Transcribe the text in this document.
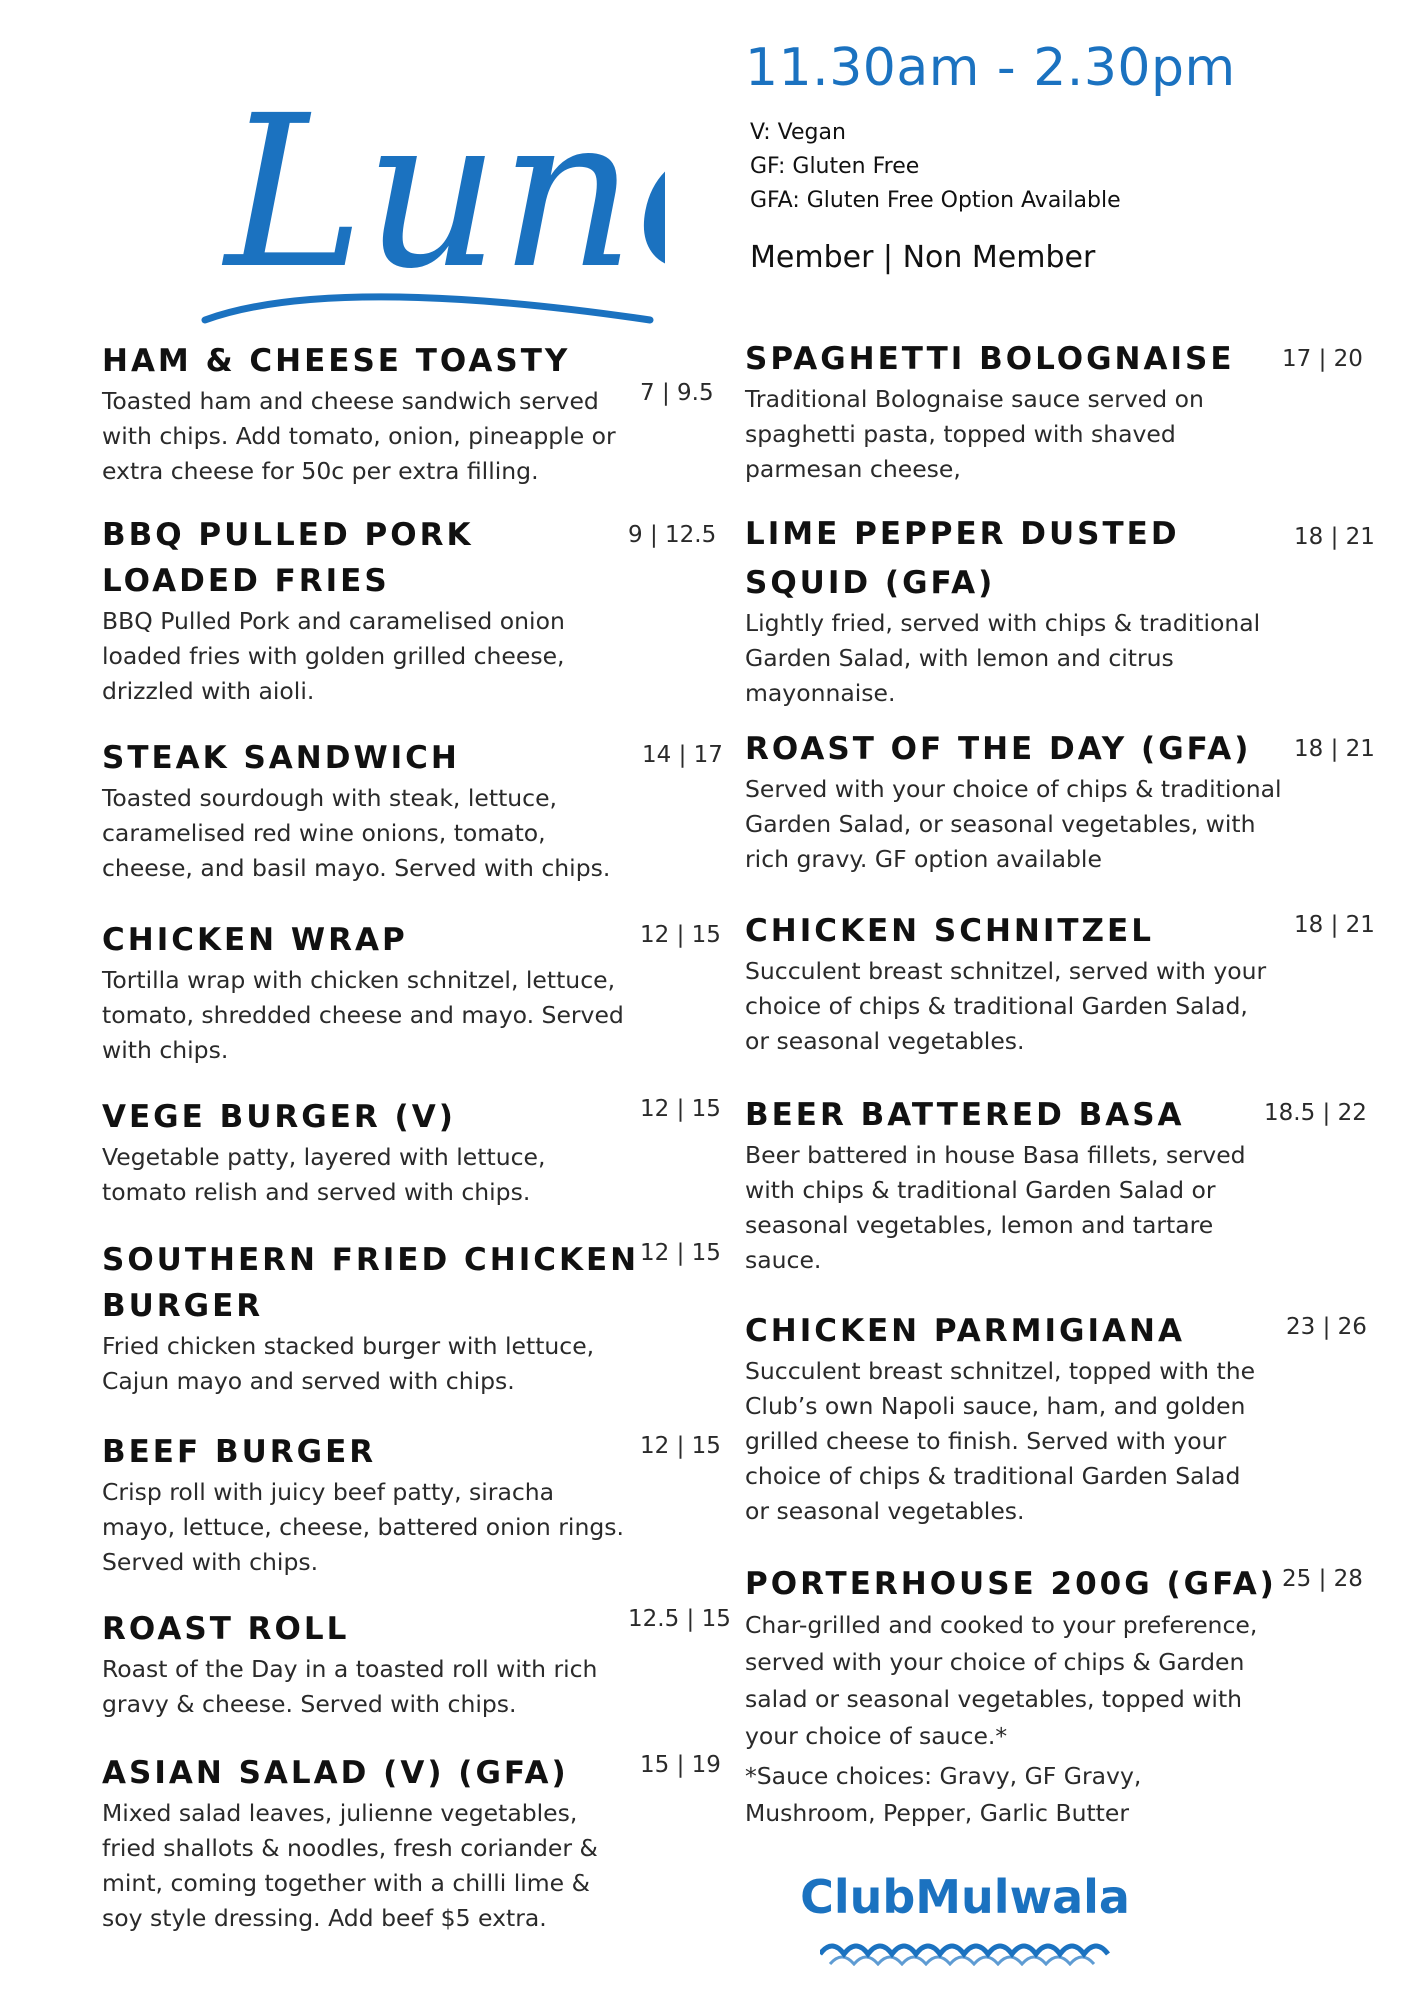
Lun
11.30am - 2.30pm
V: Vegan
GF: Gluten Free
GFA: Gluten Free Option Available
Member | Non Member
HAM & CHEESE TOASTY
Toasted ham and cheese sandwich served
with chips. Add tomato, onion, pineapple or
extra cheese for 50c per extra filling.
7 | 9.5
BBQ PULLED PORK
LOADED FRIES
BBQ Pulled Pork and caramelised onion
loaded fries with golden grilled cheese,
drizzled with aioli.
9 | 12.5
STEAK SANDWICH
Toasted sourdough with steak, lettuce,
caramelised red wine onions, tomato,
cheese, and basil mayo. Served with chips.
14 | 17
CHICKEN WRAP
Tortilla wrap with chicken schnitzel, lettuce,
tomato, shredded cheese and mayo. Served
with chips.
12 | 15
VEGE BURGER (V)
Vegetable patty, layered with lettuce,
tomato relish and served with chips.
12 | 15
SOUTHERN FRIED CHICKEN
BURGER
Fried chicken stacked burger with lettuce,
Cajun mayo and served with chips.
12 | 15
BEEF BURGER
Crisp roll with juicy beef patty, siracha
mayo, lettuce, cheese, battered onion rings.
Served with chips.
12 | 15
ROAST ROLL
Roast of the Day in a toasted roll with rich
gravy & cheese. Served with chips.
12.5 | 15
ASIAN SALAD (V) (GFA)
Mixed salad leaves, julienne vegetables,
fried shallots & noodles, fresh coriander &
mint, coming together with a chilli lime &
soy style dressing. Add beef $5 extra.
15 | 19
SPAGHETTI BOLOGNAISE
Traditional Bolognaise sauce served on
spaghetti pasta, topped with shaved
parmesan cheese,
17 | 20
LIME PEPPER DUSTED
SQUID (GFA)
Lightly fried, served with chips & traditional
Garden Salad, with lemon and citrus
mayonnaise.
18 | 21
ROAST OF THE DAY (GFA)
Served with your choice of chips & traditional
Garden Salad, or seasonal vegetables, with
rich gravy. GF option available
18 | 21
CHICKEN SCHNITZEL
Succulent breast schnitzel, served with your
choice of chips & traditional Garden Salad,
or seasonal vegetables.
18 | 21
BEER BATTERED BASA
Beer battered in house Basa fillets, served
with chips & traditional Garden Salad or
seasonal vegetables, lemon and tartare
sauce.
18.5 | 22
CHICKEN PARMIGIANA
Succulent breast schnitzel, topped with the
Club’s own Napoli sauce, ham, and golden
grilled cheese to finish. Served with your
choice of chips & traditional Garden Salad
or seasonal vegetables.
23 | 26
PORTERHOUSE 200G (GFA)
Char-grilled and cooked to your preference,
served with your choice of chips & Garden
salad or seasonal vegetables, topped with
your choice of sauce.*
25 | 28
*Sauce choices: Gravy, GF Gravy,
Mushroom, Pepper, Garlic Butter
ClubMulwala
